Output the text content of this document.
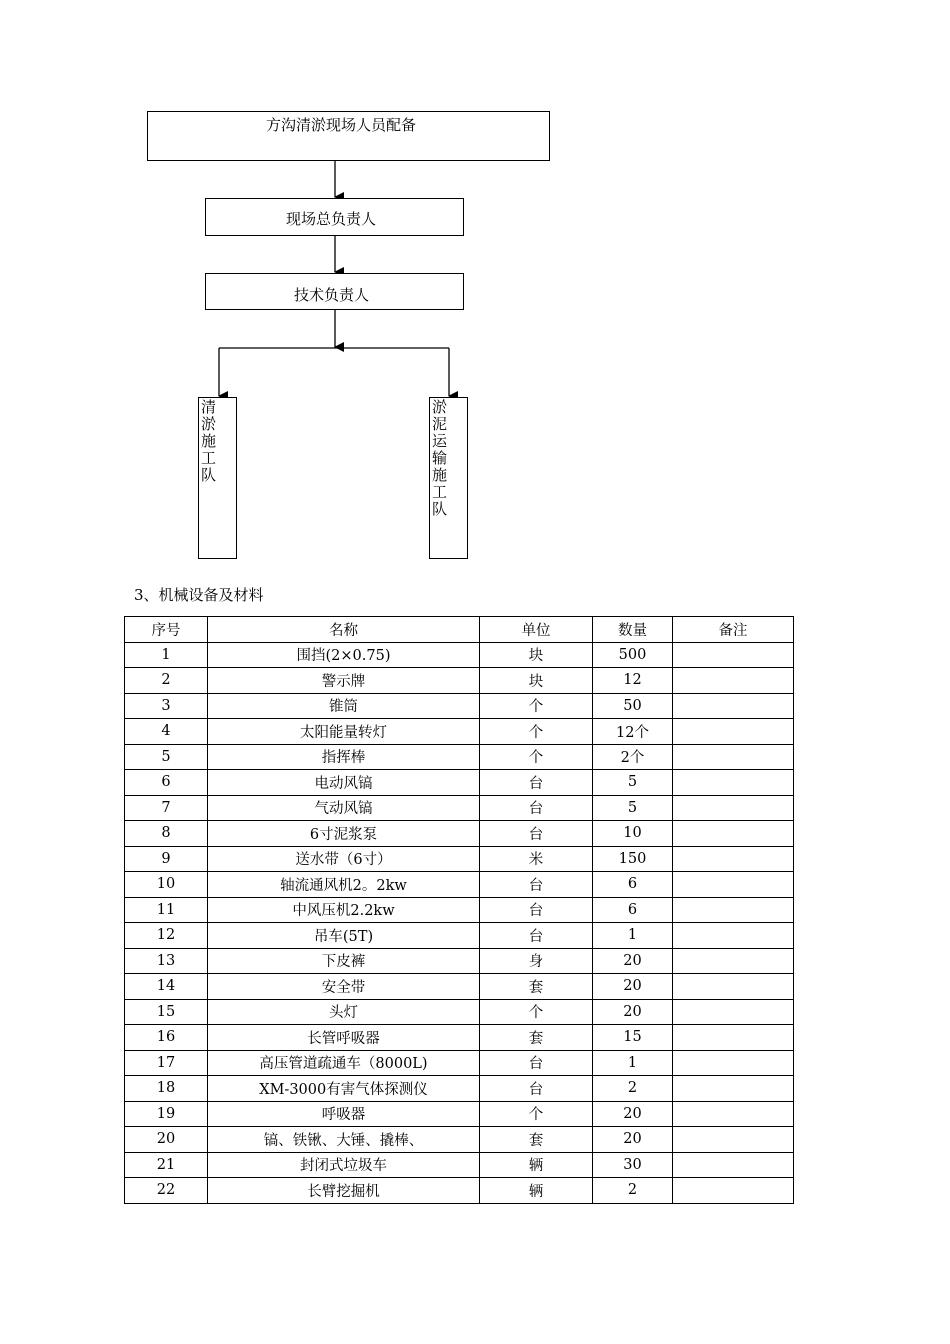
方沟清淤现场人员配备
现场总负责人
技术负责人
清淤施工队
淤泥运输施工队
3、机械设备及材料
序号	名称	单位	数量	备注
1	围挡(2×0.75)	块	500	
2	警示牌	块	12	
3	锥筒	个	50	
4	太阳能量转灯	个	12个	
5	指挥棒	个	2个	
6	电动风镐	台	5	
7	气动风镐	台	5	
8	6寸泥浆泵	台	10	
9	送水带（6寸）	米	150	
10	轴流通风机2。2kw	台	6	
11	中风压机2.2kw	台	6	
12	吊车(5T)	台	1	
13	下皮裤	身	20	
14	安全带	套	20	
15	头灯	个	20	
16	长管呼吸器	套	15	
17	高压管道疏通车（8000L)	台	1	
18	XM-3000有害气体探测仪	台	2	
19	呼吸器	个	20	
20	镐、铁锹、大锤、撬棒、	套	20	
21	封闭式垃圾车	辆	30	
22	长臂挖掘机	辆	2	
